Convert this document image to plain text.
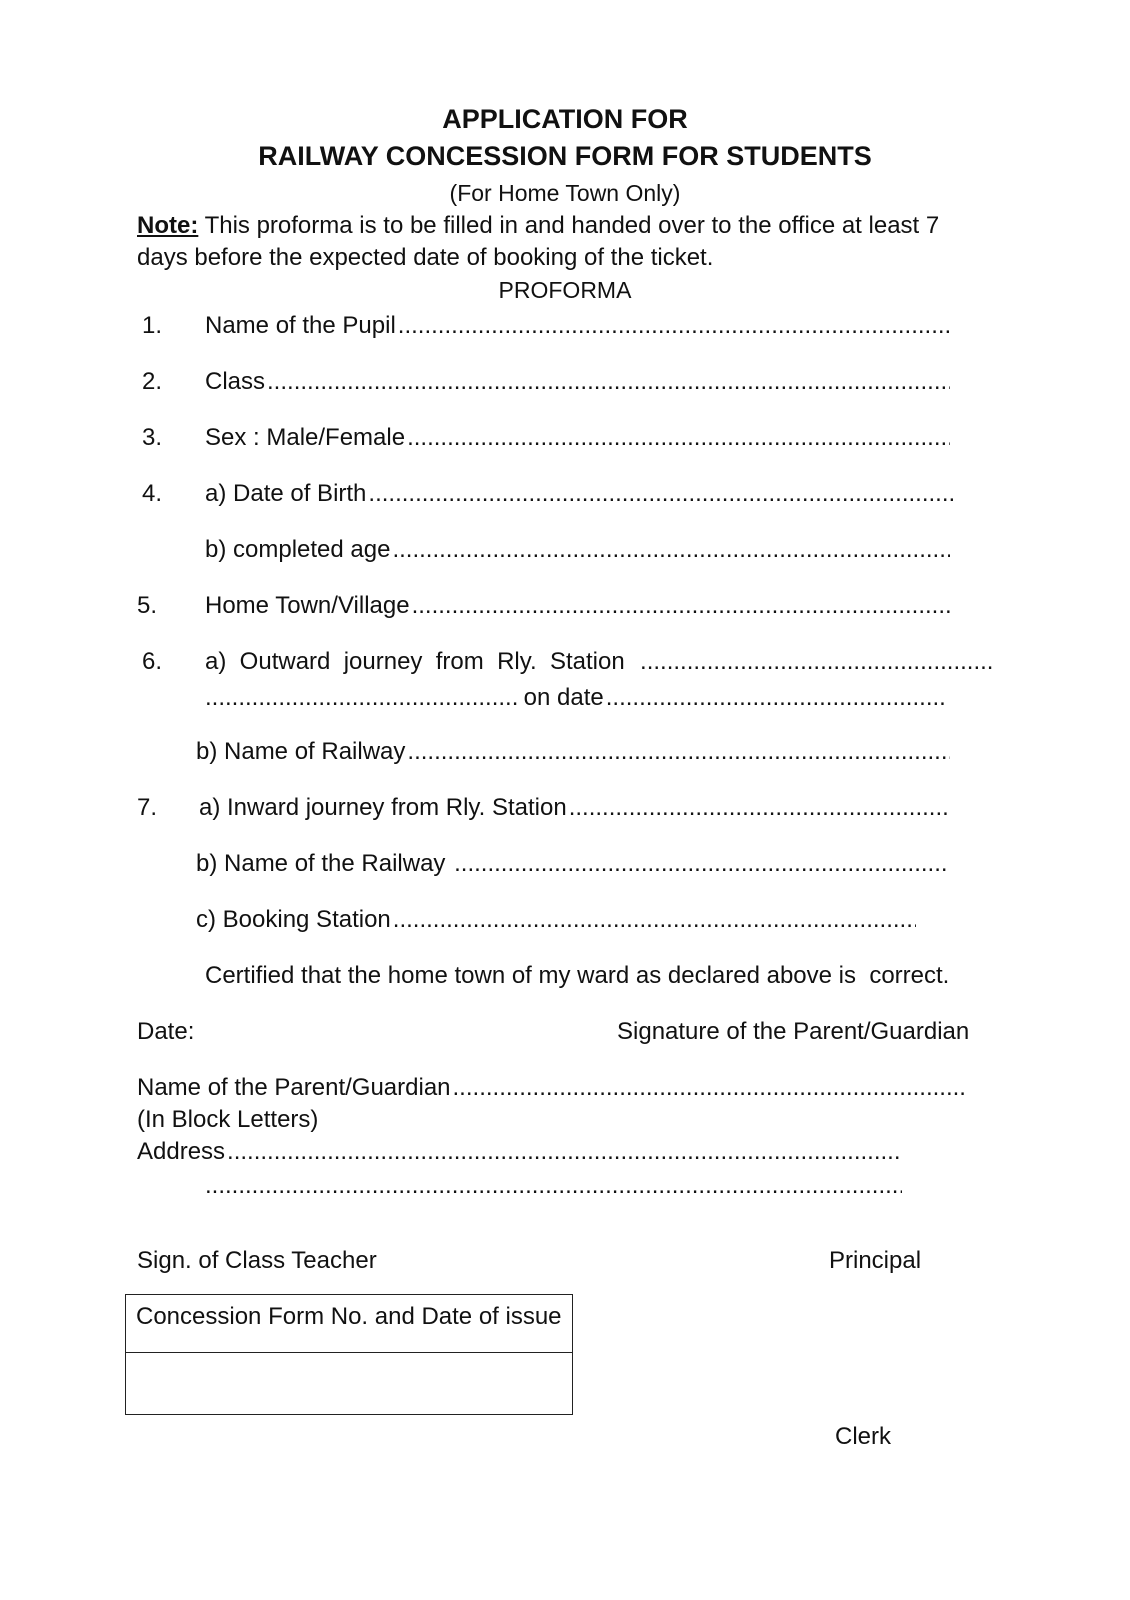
APPLICATION FOR
RAILWAY CONCESSION FORM FOR STUDENTS
(For Home Town Only)
Note: This proforma is to be filled in and handed over to the office at least 7
days before the expected date of booking of the ticket.
PROFORMA
1. Name of the Pupil
.....
2. Class
.....
3. Sex : Male/Female
.....
4. a) Date of Birth
.....
b) completed age
.....
5. Home Town/Village
.....
6. a)  Outward  journey  from  Rly.  Station
.....
.....
on date
.....
b) Name of Railway
.....
7. a) Inward journey from Rly. Station
.....
b) Name of the Railway
.....
c) Booking Station
.....
Certified that the home town of my ward as declared above is  correct.
Date:	Signature of the Parent/Guardian
Name of the Parent/Guardian
.....
(In Block Letters)
Address
.....
.....
Sign. of Class Teacher	Principal
Concession Form No. and Date of issue
Clerk
